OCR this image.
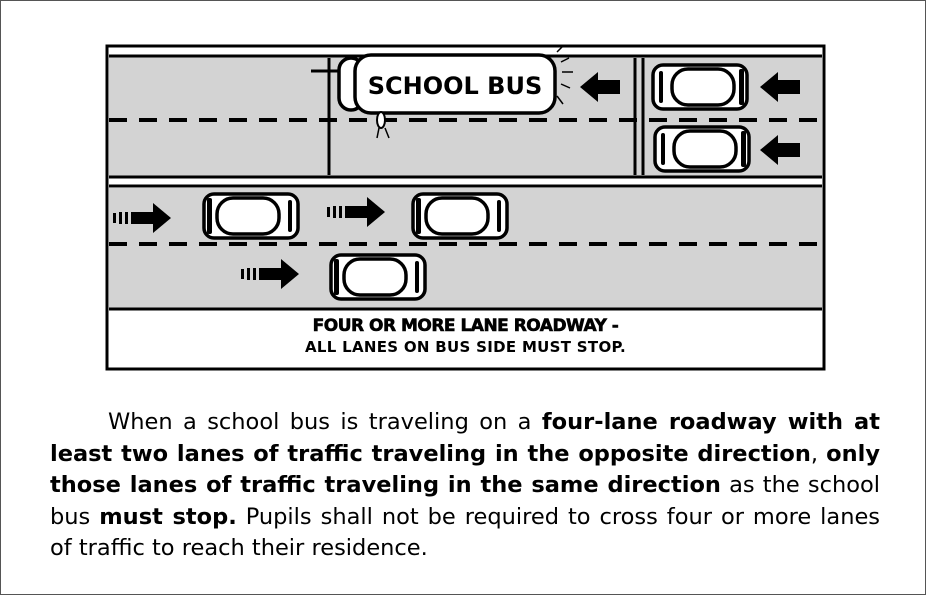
SCHOOL BUS
FOUR OR MORE LANE ROADWAY -
ALL LANES ON BUS SIDE MUST STOP.

When a school bus is traveling on a four-lane roadway with at least two lanes of traffic traveling in the opposite direction, only those lanes of traffic traveling in the same direction as the school bus must stop. Pupils shall not be required to cross four or more lanes of traffic to reach their residence.
